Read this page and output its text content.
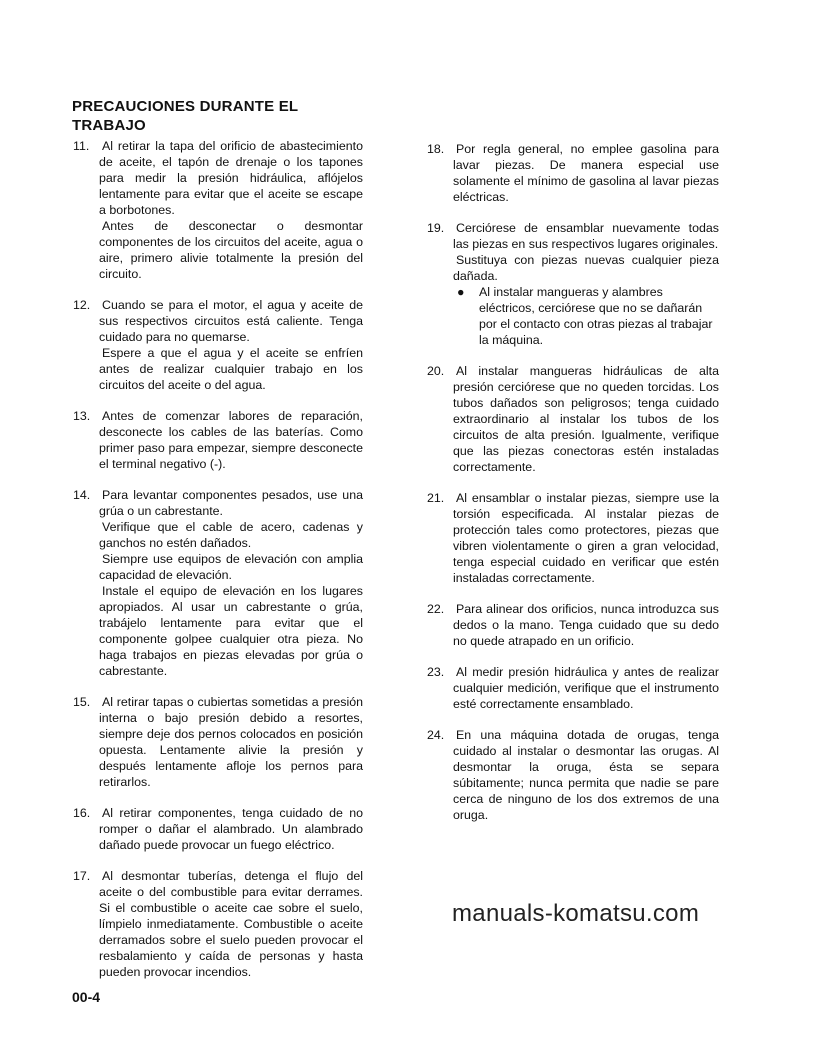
PRECAUCIONES DURANTE EL TRABAJO
11. Al retirar la tapa del orificio de abastecimiento de aceite, el tapón de drenaje o los tapones para medir la presión hidráulica, aflójelos lentamente para evitar que el aceite se escape a borbotones.

Antes de desconectar o desmontar componentes de los circuitos del aceite, agua o aire, primero alivie totalmente la presión del circuito.

12. Cuando se para el motor, el agua y aceite de sus respectivos circuitos está caliente. Tenga cuidado para no quemarse.

Espere a que el agua y el aceite se enfríen antes de realizar cualquier trabajo en los circuitos del aceite o del agua.

13. Antes de comenzar labores de reparación, desconecte los cables de las baterías. Como primer paso para empezar, siempre desconecte el terminal negativo (-).

14. Para levantar componentes pesados, use una grúa o un cabrestante.

Verifique que el cable de acero, cadenas y ganchos no estén dañados.

Siempre use equipos de elevación con amplia capacidad de elevación.

Instale el equipo de elevación en los lugares apropiados. Al usar un cabrestante o grúa, trabájelo lentamente para evitar que el componente golpee cualquier otra pieza. No haga trabajos en piezas elevadas por grúa o cabrestante.

15. Al retirar tapas o cubiertas sometidas a presión interna o bajo presión debido a resortes, siempre deje dos pernos colocados en posición opuesta. Lentamente alivie la presión y después lentamente afloje los pernos para retirarlos.

16. Al retirar componentes, tenga cuidado de no romper o dañar el alambrado. Un alambrado dañado puede provocar un fuego eléctrico.

17. Al desmontar tuberías, detenga el flujo del aceite o del combustible para evitar derrames. Si el combustible o aceite cae sobre el suelo, límpielo inmediatamente. Combustible o aceite derramados sobre el suelo pueden provocar el resbalamiento y caída de personas y hasta pueden provocar incendios.

18. Por regla general, no emplee gasolina para lavar piezas. De manera especial use solamente el mínimo de gasolina al lavar piezas eléctricas.

19. Cerciórese de ensamblar nuevamente todas las piezas en sus respectivos lugares originales.

Sustituya con piezas nuevas cualquier pieza dañada.

● Al instalar mangueras y alambres eléctricos, cerciórese que no se dañarán por el contacto con otras piezas al trabajar la máquina.

20. Al instalar mangueras hidráulicas de alta presión cerciórese que no queden torcidas. Los tubos dañados son peligrosos; tenga cuidado extraordinario al instalar los tubos de los circuitos de alta presión. Igualmente, verifique que las piezas conectoras estén instaladas correctamente.

21. Al ensamblar o instalar piezas, siempre use la torsión especificada. Al instalar piezas de protección tales como protectores, piezas que vibren violentamente o giren a gran velocidad, tenga especial cuidado en verificar que estén instaladas correctamente.

22. Para alinear dos orificios, nunca introduzca sus dedos o la mano. Tenga cuidado que su dedo no quede atrapado en un orificio.

23. Al medir presión hidráulica y antes de realizar cualquier medición, verifique que el instrumento esté correctamente ensamblado.

24. En una máquina dotada de orugas, tenga cuidado al instalar o desmontar las orugas. Al desmontar la oruga, ésta se separa súbitamente; nunca permita que nadie se pare cerca de ninguno de los dos extremos de una oruga.

manuals-komatsu.com
00-4
